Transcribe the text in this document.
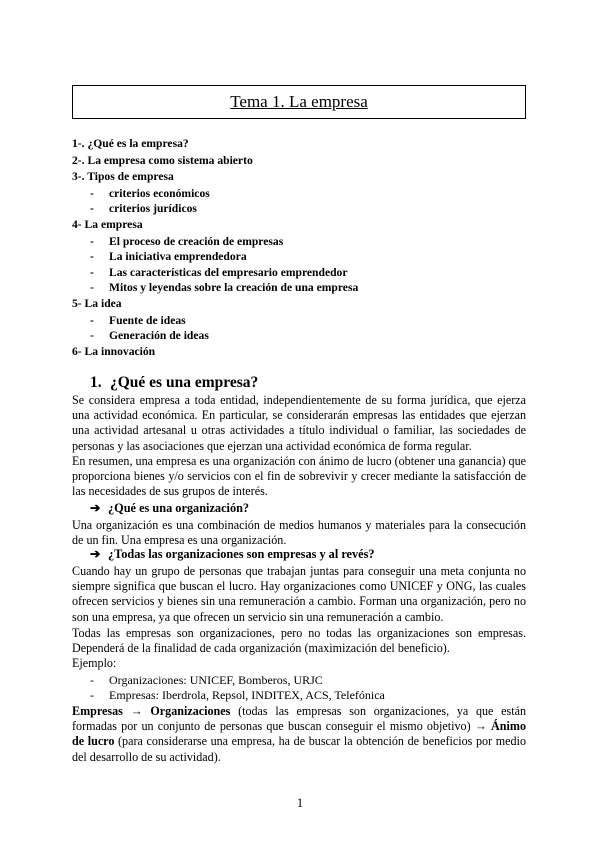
Tema 1. La empresa
1-. ¿Qué es la empresa?
2-. La empresa como sistema abierto
3-. Tipos de empresa
- criterios económicos
- criterios jurídicos
4- La empresa
- El proceso de creación de empresas
- La iniciativa emprendedora
- Las características del empresario emprendedor
- Mitos y leyendas sobre la creación de una empresa
5- La idea
- Fuente de ideas
- Generación de ideas
6- La innovación
1. ¿Qué es una empresa?
Se considera empresa a toda entidad, independientemente de su forma jurídica, que ejerza una actividad económica. En particular, se considerarán empresas las entidades que ejerzan una actividad artesanal u otras actividades a título individual o familiar, las sociedades de personas y las asociaciones que ejerzan una actividad económica de forma regular.
En resumen, una empresa es una organización con ánimo de lucro (obtener una ganancia) que proporciona bienes y/o servicios con el fin de sobrevivir y crecer mediante la satisfacción de las necesidades de sus grupos de interés.
➔ ¿Qué es una organización?
Una organización es una combinación de medios humanos y materiales para la consecución de un fin. Una empresa es una organización.
➔ ¿Todas las organizaciones son empresas y al revés?
Cuando hay un grupo de personas que trabajan juntas para conseguir una meta conjunta no siempre significa que buscan el lucro. Hay organizaciones como UNICEF y ONG, las cuales ofrecen servicios y bienes sin una remuneración a cambio. Forman una organización, pero no son una empresa, ya que ofrecen un servicio sin una remuneración a cambio.
Todas las empresas son organizaciones, pero no todas las organizaciones son empresas. Dependerá de la finalidad de cada organización (maximización del beneficio).
Ejemplo:
- Organizaciones: UNICEF, Bomberos, URJC
- Empresas: Iberdrola, Repsol, INDITEX, ACS, Telefónica
Empresas → Organizaciones (todas las empresas son organizaciones, ya que están formadas por un conjunto de personas que buscan conseguir el mismo objetivo) → Ánimo de lucro (para considerarse una empresa, ha de buscar la obtención de beneficios por medio del desarrollo de su actividad).
1
